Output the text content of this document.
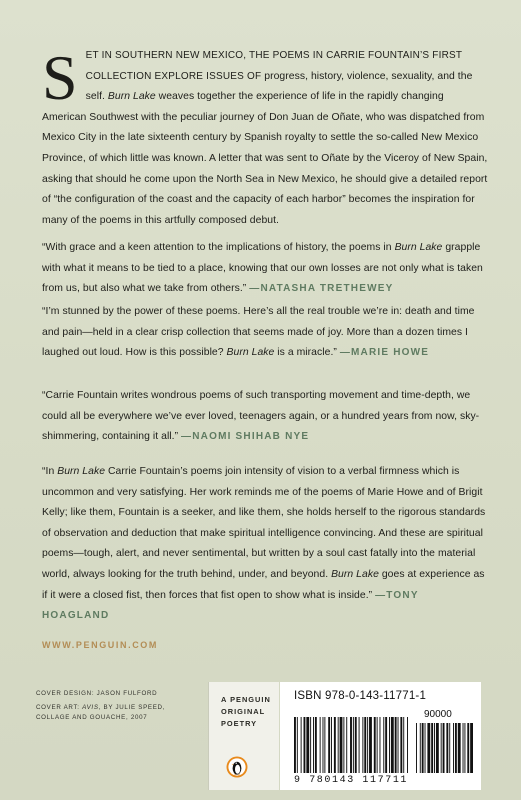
SET IN SOUTHERN NEW MEXICO, THE POEMS IN CARRIE FOUNTAIN’S FIRST COLLECTION EXPLORE ISSUES OF progress, history, violence, sexuality, and the self. Burn Lake weaves together the experience of life in the rapidly changing American Southwest with the peculiar journey of Don Juan de Oñate, who was dispatched from Mexico City in the late sixteenth century by Spanish royalty to settle the so-called New Mexico Province, of which little was known. A letter that was sent to Oñate by the Viceroy of New Spain, asking that should he come upon the North Sea in New Mexico, he should give a detailed report of “the configuration of the coast and the capacity of each harbor” becomes the inspiration for many of the poems in this artfully composed debut.

“With grace and a keen attention to the implications of history, the poems in Burn Lake grapple with what it means to be tied to a place, knowing that our own losses are not only what is taken from us, but also what we take from others.” —NATASHA TRETHEWEY

“I’m stunned by the power of these poems. Here’s all the real trouble we’re in: death and time and pain—held in a clear crisp collection that seems made of joy. More than a dozen times I laughed out loud. How is this possible? Burn Lake is a miracle.” —MARIE HOWE

“Carrie Fountain writes wondrous poems of such transporting movement and time-depth, we could all be everywhere we’ve ever loved, teenagers again, or a hundred years from now, sky-shimmering, containing it all.” —NAOMI SHIHAB NYE

“In Burn Lake Carrie Fountain’s poems join intensity of vision to a verbal firmness which is uncommon and very satisfying. Her work reminds me of the poems of Marie Howe and of Brigit Kelly; like them, Fountain is a seeker, and like them, she holds herself to the rigorous standards of observation and deduction that make spiritual intelligence convincing. And these are spiritual poems—tough, alert, and never sentimental, but written by a soul cast fatally into the material world, always looking for the truth behind, under, and beyond. Burn Lake goes at experience as if it were a closed fist, then forces that fist open to show what is inside.” —TONY HOAGLAND

WWW.PENGUIN.COM
COVER DESIGN: JASON FULFORD
COVER ART: AVIS, BY JULIE SPEED,
COLLAGE AND GOUACHE, 2007
A PENGUIN
ORIGINAL
POETRY
ISBN 978-0-143-11771-1
90000
9 780143 117711
